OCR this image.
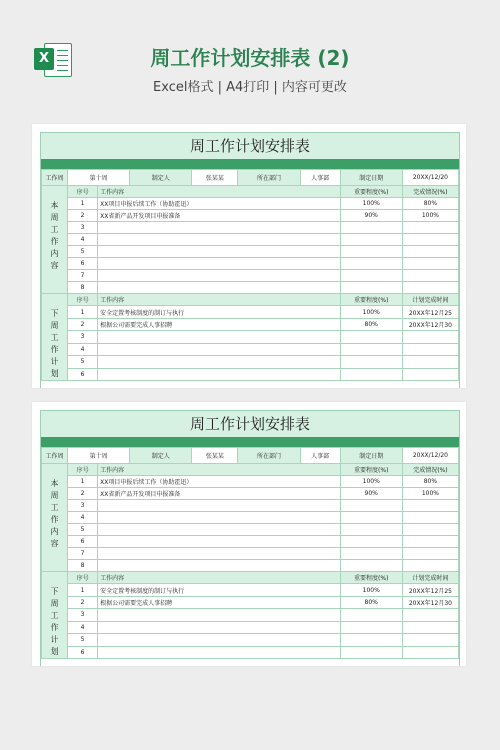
X	周工作计划安排表 (2)
Excel格式 | A4打印 | 内容可更改
周工作计划安排表
工作周	第十周		制定人	张某某	所在部门	人事部	制定日期	20XX/12/20
本周工作内容	序号	工作内容					重要程度(%)	完成情况(%)
	1	XX项目申报后续工作（协助霍迅）					100%	80%
	2	XX省新产品开发项目申报准备					90%	100%
	3							
	4							
	5							
	6							
	7							
	8							
下周工作计划	序号	工作内容					重要程度(%)	计划完成时间
	1	安全定置考核制度的制订与执行					100%	20XX年12月25
	2	根据公司需要完成人事招聘					80%	20XX年12月30
	3							
	4							
	5							
	6							
周工作计划安排表
工作周	第十周		制定人	张某某	所在部门	人事部	制定日期	20XX/12/20
本周工作内容	序号	工作内容					重要程度(%)	完成情况(%)
	1	XX项目申报后续工作（协助霍迅）					100%	80%
	2	XX省新产品开发项目申报准备					90%	100%
	3							
	4							
	5							
	6							
	7							
	8							
下周工作计划	序号	工作内容					重要程度(%)	计划完成时间
	1	安全定置考核制度的制订与执行					100%	20XX年12月25
	2	根据公司需要完成人事招聘					80%	20XX年12月30
	3							
	4							
	5							
	6							
